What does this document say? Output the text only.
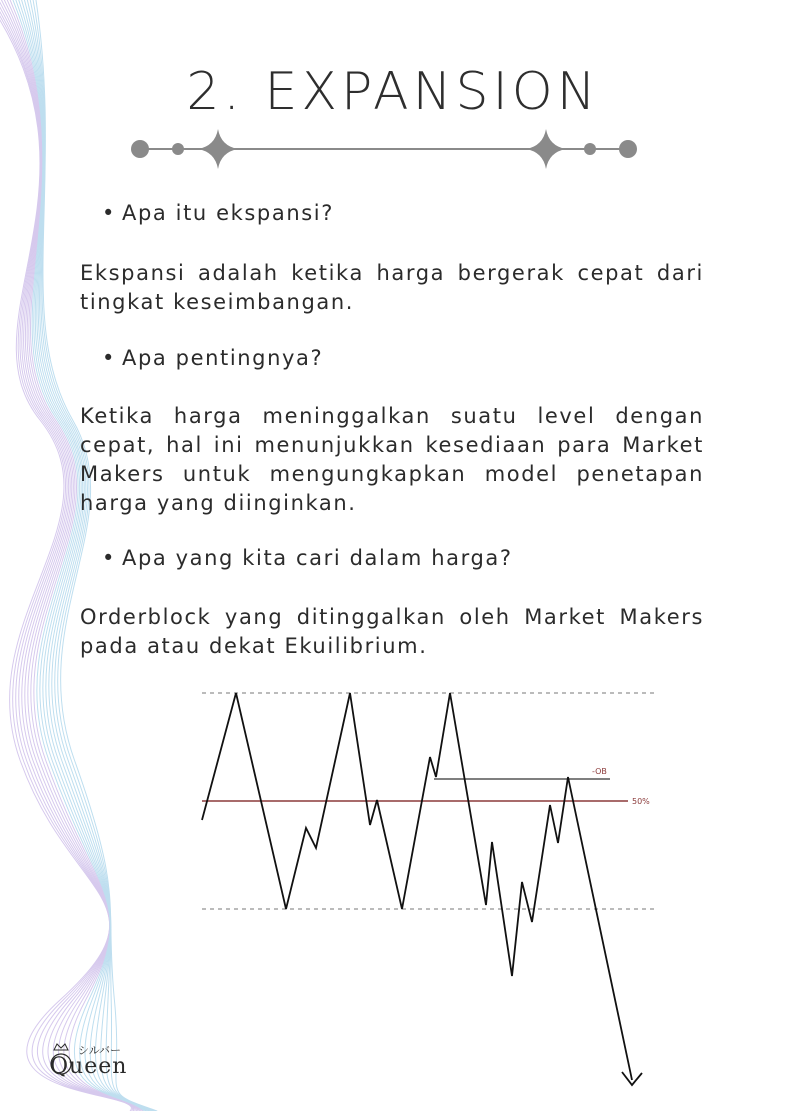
2. EXPANSION
• Apa itu ekspansi?
Ekspansi adalah ketika harga bergerak cepat dari tingkat keseimbangan.
• Apa pentingnya?
Ketika harga meninggalkan suatu level dengan cepat, hal ini menunjukkan kesediaan para Market Makers untuk mengungkapkan model penetapan harga yang diinginkan.
• Apa yang kita cari dalam harga?
Orderblock yang ditinggalkan oleh Market Makers pada atau dekat Ekuilibrium.
-OB
50%
シルバー
Queen
